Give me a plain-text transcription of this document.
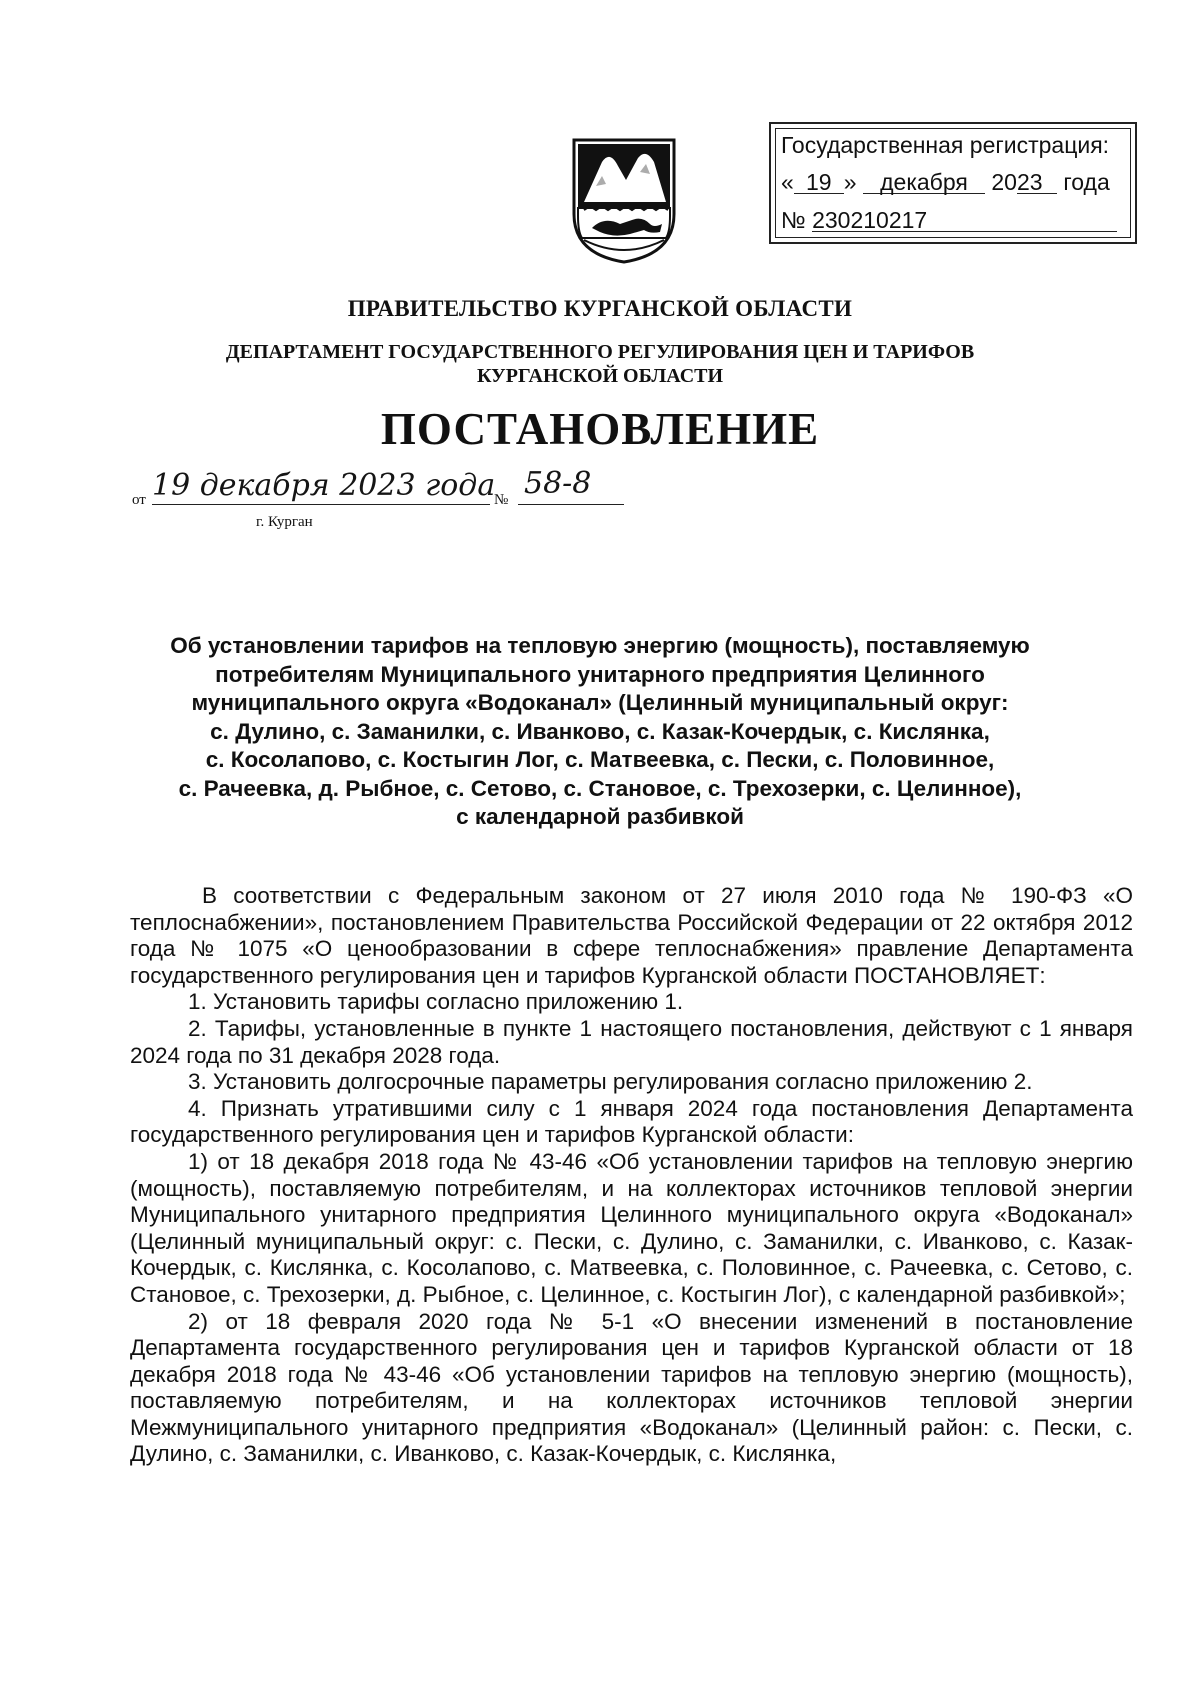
Государственная регистрация:
« 19 » декабря 2023 года
№ 230210217
ПРАВИТЕЛЬСТВО КУРГАНСКОЙ ОБЛАСТИ
ДЕПАРТАМЕНТ ГОСУДАРСТВЕННОГО РЕГУЛИРОВАНИЯ ЦЕН И ТАРИФОВ
КУРГАНСКОЙ ОБЛАСТИ
ПОСТАНОВЛЕНИЕ
от 19 декабря 2023 года
№ 58-8
г. Курган
Об установлении тарифов на тепловую энергию (мощность), поставляемую
потребителям Муниципального унитарного предприятия Целинного
муниципального округа «Водоканал» (Целинный муниципальный округ:
с. Дулино, с. Заманилки, с. Иванково, с. Казак-Кочердык, с. Кислянка,
с. Косолапово, с. Костыгин Лог, с. Матвеевка, с. Пески, с. Половинное,
с. Рачеевка, д. Рыбное, с. Сетово, с. Становое, с. Трехозерки, с. Целинное),
с календарной разбивкой

В соответствии с Федеральным законом от 27 июля 2010 года № 190-ФЗ «О теплоснабжении», постановлением Правительства Российской Федерации от 22 октября 2012 года № 1075 «О ценообразовании в сфере теплоснабжения» правление Департамента государственного регулирования цен и тарифов Курганской области ПОСТАНОВЛЯЕТ:

1. Установить тарифы согласно приложению 1.

2. Тарифы, установленные в пункте 1 настоящего постановления, действуют с 1 января 2024 года по 31 декабря 2028 года.

3. Установить долгосрочные параметры регулирования согласно приложению 2.

4. Признать утратившими силу с 1 января 2024 года постановления Департамента государственного регулирования цен и тарифов Курганской области:

1) от 18 декабря 2018 года № 43-46 «Об установлении тарифов на тепловую энергию (мощность), поставляемую потребителям, и на коллекторах источников тепловой энергии Муниципального унитарного предприятия Целинного муниципального округа «Водоканал» (Целинный муниципальный округ: с. Пески, с. Дулино, с. Заманилки, с. Иванково, с. Казак-Кочердык, с. Кислянка, с. Косолапово, с. Матвеевка, с. Половинное, с. Рачеевка, с. Сетово, с. Становое, с. Трехозерки, д. Рыбное, с. Целинное, с. Костыгин Лог), с календарной разбивкой»;

2) от 18 февраля 2020 года № 5-1 «О внесении изменений в постановление Департамента государственного регулирования цен и тарифов Курганской области от 18 декабря 2018 года № 43-46 «Об установлении тарифов на тепловую энергию (мощность), поставляемую потребителям, и на коллекторах источников тепловой энергии Межмуниципального унитарного предприятия «Водоканал» (Целинный район: с. Пески, с. Дулино, с. Заманилки, с. Иванково, с. Казак-Кочердык, с. Кислянка,
